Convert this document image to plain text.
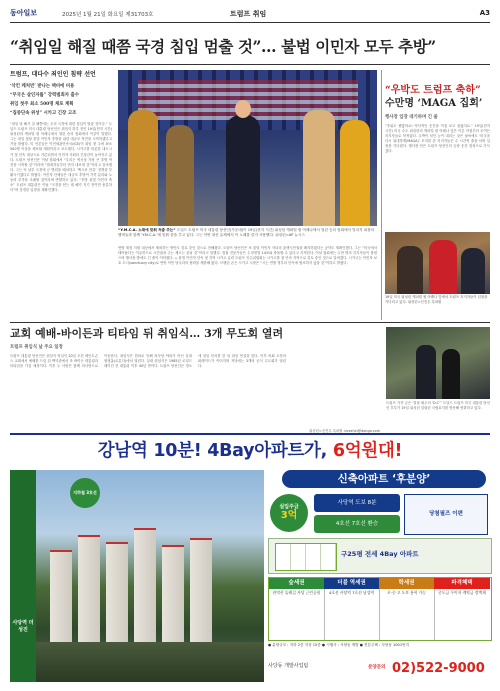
동아일보	2025년 1월 21일 화요일 제31703호	트럼프 취임	A3
“취임일 해질 때쯤 국경 침입 멈출 것”… 불법 이민자 모두 추방”
트럼프, 대다수 죄인인 침략 선언
‘삭킨 케처빈’ 받나는 맥비에 비용
“무국은 살인자를” 강력범죄자 출수
취임 첫주 최소 500명 체포 계획
“집중단속 위성” 시카고 긴장 고조
“취임 날 해가 질 때쯤에는 우리 국경에 대한 침입이 멈출 것이다.” 도널드 트럼프 미국 대통령 당선인은 취임식 하루 전인 19일(현지 시간) 워싱턴의 캐피털 원 아레나에서 열린 승리 집회에서 이같이 말했다. 그는 취임 첫날 불법 이민자 추방을 위한 대규모 작전을 시작하겠다고 거듭 밝혔다. 미 언론들은 이민세관단속국(ICE)이 취임 첫 주에 최소 500명 이상을 체포할 계획이라고 보도했다. 시카고를 비롯한 대도시가 첫 단속 대상으로 거론되면서 이민자 사회의 긴장감이 높아지고 있다. 트럼프 당선인은 이날 집회에서 “우리는 역사상 가장 큰 추방 작전을 시작할 것”이라며 “범죄자들부터 먼저 내보낼 것”이라고 강조했다. 그는 또 남부 국경에 군 병력을 배치하고 ‘멕시코 잔류’ 정책을 부활시키겠다고 밝혔다. 이민자 단체들은 대규모 추방이 가족 분리와 노동력 부족을 초래할 것이라며 반발하고 있다. “추방 불법 이민자 축소” 트럼프 대통령은 이날 “국경을 닫는 데 해가 지기 전이면 충분하다”며 강경한 입장을 재확인했다.
“Y.M.C.A. 노래에 맞춰 처춤 추는” 도널드 트럼프 미국 대통령 당선인(가운데)이 19일(현지 시간) 워싱턴 캐피털 원 아레나에서 열린 승리 집회에서 빌리지 피플의 멤버들과 함께 ‘Y.M.C.A.’에 맞춰 춤을 추고 있다. 그는 이번 대선 유세에서 이 노래를 즐겨 사용했다. 워싱턴=AP 뉴시스
연방 재정 지원 대상에서 제외하는 방안도 검토 중인 것으로 전해졌다. 트럼프 당선인은 또 불법 이민자 자녀의 출생시민권을 폐지하겠다는 공약도 재확인했다. 그는 “미국에서 태어났다는 이유만으로 시민권을 주는 제도는 끝날 것”이라고 말했다. 법률 전문가들은 수정헌법 14조와 충돌할 수 있다고 지적한다. 이날 집회에는 수만 명의 지지자들이 몰렸으며 행사장 밖에도 긴 줄이 이어졌다. ◇ 불법 이민자 단속 첫 지역 시카고 유력 트럼프 인수위원회는 시카고를 첫 단속 지역으로 검토 중인 것으로 알려졌다. 시카고는 이민자 보호 도시(sanctuary city)로 연방 이민 당국과의 협력을 제한해 왔다. 브랜던 존슨 시카고 시장은 “시는 연방 정부의 단속에 협조하지 않을 것”이라고 밝혔다.
“우박도 트럼프 축하”
수만명 ‘MAGA 집회’
행사장 입장 대기하며 긴 줄
“추워도 괜찮아요! 역사적인 순간을 직접 보고 싶었어요.” 19일(현지 시간) 미국 수도 워싱턴의 캐피털 원 아레나 앞은 이른 아침부터 모여든 지지자들로 북적였다. 우박이 섞인 눈이 내리는 궂은 날씨에도 ‘미국을 다시 위대하게(MAGA)’ 모자를 쓴 지지자들은 수 시간씩 줄을 서며 입장을 기다렸다. 행사장 안은 트럼프 당선인의 등장 순간 함성으로 가득 찼다.
19일 미국 워싱턴 캐피털 원 아레나 앞에서 트럼프 지지자들이 입장을 기다리고 있다. 워싱턴=신진우 특파원
교회 예배-바이든과 티타임 뒤 취임식… 3개 무도회 열려
트럼프 취임식 날 주요 일정
트럼프 대통령 당선인은 취임식 당일인 20일 오전 세인트존스 교회에서 예배를 드린 뒤 백악관에서 조 바이든 대통령과 티타임을 가질 예정이다. 이후 두 사람은 함께 의사당으로 이동한다. 취임식은 한파로 인해 의사당 야외가 아닌 실내 원형홀(로툰다)에서 열린다. 실내 취임식은 1985년 로널드 레이건 전 대통령 이후 40년 만이다. 트럼프 당선인은 정오에 취임 선서를 한 뒤 취임 연설을 한다. 이후 의회 오찬과 퍼레이드가 이어지며 저녁에는 3개의 공식 무도회가 열린다.
트럼프 가족 금은 ‘칼을 휘두러 ‘D.C’” 도널드 트럼프 미국 대통령 당선인 부부가 19일 워싱턴 알링턴 국립묘지를 방문해 헌화하고 있다.
워싱턴=신진우 특파원 niceshin@donga.com
강남역 10분! 4Bay아파트가, 6억원대!
사당역 더 성진
지하철 3호선
신축아파트 ‘후분양’
실입주금
3억
사당역 도보 8분
4호선 7호선 환승
당첨필즈 이편
구25평 전세 4Bay 아파트
숲세권
관악산 둘레길 사당 근린공원
더블 역세권
4호선 사당역 7호선 남성역
학세권
초·중·고 도보 통학 가능
파격혜택
중도금 무이자 계약금 정액제
● 분양규모 : 지하 2층 지상 15층 ● 시행사 : 사당동 개발 ● 견본주택 : 사당동 1001번지
사당동 개발사업팀	분양문의 02)522-9000
